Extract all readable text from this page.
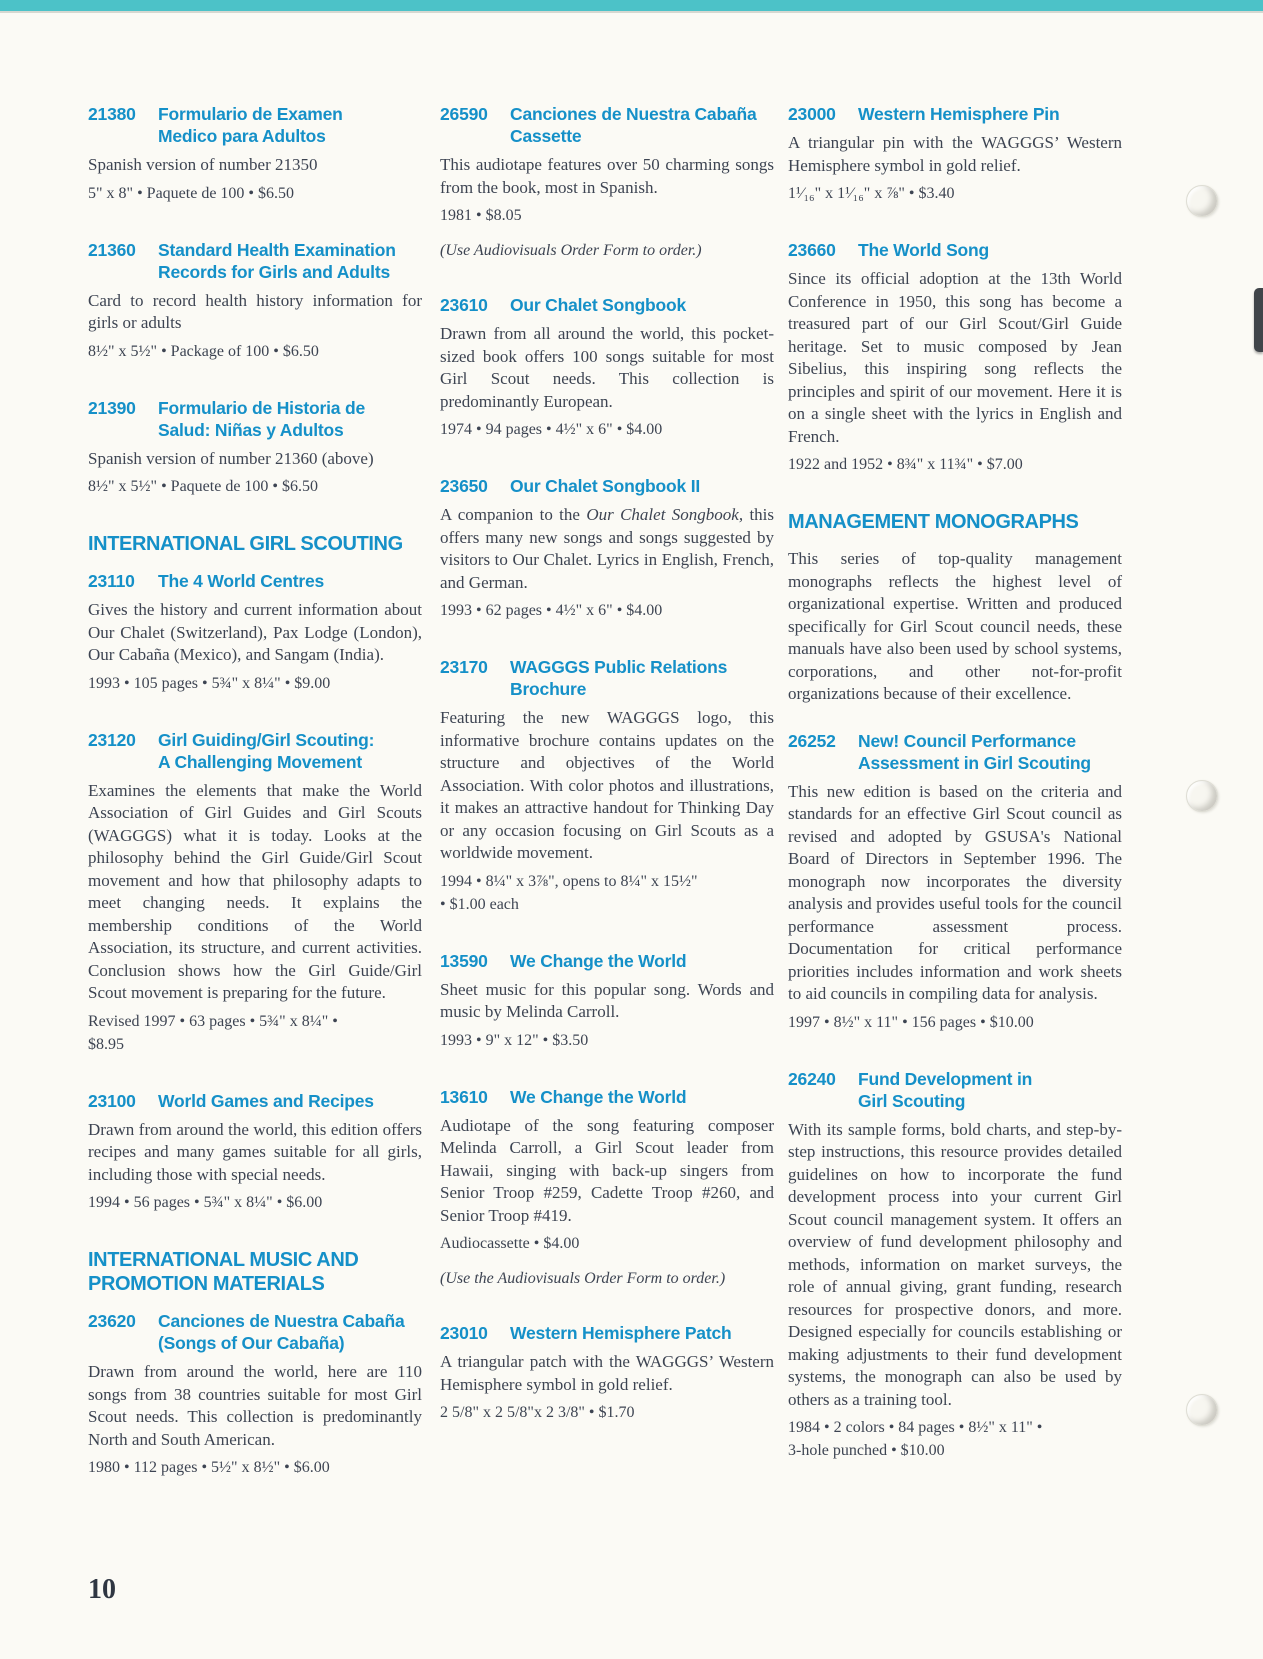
21380	Formulario de Examen
Medico para Adultos

Spanish version of number 21350

5" x 8" • Paquete de 100 • $6.50
21360	Standard Health Examination
Records for Girls and Adults

Card to record health history information for girls or adults

8½" x 5½" • Package of 100 • $6.50
21390	Formulario de Historia de
Salud: Niñas y Adultos

Spanish version of number 21360 (above)

8½" x 5½" • Paquete de 100 • $6.50
INTERNATIONAL GIRL SCOUTING
23110	The 4 World Centres

Gives the history and current information about Our Chalet (Switzerland), Pax Lodge (London), Our Cabaña (Mexico), and Sangam (India).

1993 • 105 pages • 5¾" x 8¼" • $9.00
23120	Girl Guiding/Girl Scouting:
A Challenging Movement

Examines the elements that make the World Association of Girl Guides and Girl Scouts (WAGGGS) what it is today. Looks at the philosophy behind the Girl Guide/Girl Scout movement and how that philosophy adapts to meet changing needs. It explains the membership conditions of the World Association, its structure, and current activities. Conclusion shows how the Girl Guide/Girl Scout movement is preparing for the future.

Revised 1997 • 63 pages • 5¾" x 8¼" •
$8.95
23100	World Games and Recipes

Drawn from around the world, this edition offers recipes and many games suitable for all girls, including those with special needs.

1994 • 56 pages • 5¾" x 8¼" • $6.00
INTERNATIONAL MUSIC AND
PROMOTION MATERIALS
23620	Canciones de Nuestra Cabaña
(Songs of Our Cabaña)

Drawn from around the world, here are 110 songs from 38 countries suitable for most Girl Scout needs. This collection is predominantly North and South American.

1980 • 112 pages • 5½" x 8½" • $6.00
26590	Canciones de Nuestra Cabaña
Cassette

This audiotape features over 50 charming songs from the book, most in Spanish.

1981 • $8.05
(Use Audiovisuals Order Form to order.)
23610	Our Chalet Songbook

Drawn from all around the world, this pocket-sized book offers 100 songs suitable for most Girl Scout needs. This collection is predominantly European.

1974 • 94 pages • 4½" x 6" • $4.00
23650	Our Chalet Songbook II

A companion to the Our Chalet Songbook, this offers many new songs and songs suggested by visitors to Our Chalet. Lyrics in English, French, and German.

1993 • 62 pages • 4½" x 6" • $4.00
23170	WAGGGS Public Relations
Brochure

Featuring the new WAGGGS logo, this informative brochure contains updates on the structure and objectives of the World Association. With color photos and illustrations, it makes an attractive handout for Thinking Day or any occasion focusing on Girl Scouts as a worldwide movement.

1994 • 8¼" x 3⅞", opens to 8¼" x 15½"
• $1.00 each
13590	We Change the World

Sheet music for this popular song. Words and music by Melinda Carroll.

1993 • 9" x 12" • $3.50
13610	We Change the World

Audiotape of the song featuring composer Melinda Carroll, a Girl Scout leader from Hawaii, singing with back-up singers from Senior Troop #259, Cadette Troop #260, and Senior Troop #419.

Audiocassette • $4.00
(Use the Audiovisuals Order Form to order.)
23010	Western Hemisphere Patch

A triangular patch with the WAGGGS’ Western Hemisphere symbol in gold relief.

2 5/8" x 2 5/8"x 2 3/8" • $1.70
23000	Western Hemisphere Pin

A triangular pin with the WAGGGS’ Western Hemisphere symbol in gold relief.

1¹⁄₁₆" x 1¹⁄₁₆" x ⅞" • $3.40
23660	The World Song

Since its official adoption at the 13th World Conference in 1950, this song has become a treasured part of our Girl Scout/Girl Guide heritage. Set to music composed by Jean Sibelius, this inspiring song reflects the principles and spirit of our movement. Here it is on a single sheet with the lyrics in English and French.

1922 and 1952 • 8¾" x 11¾" • $7.00
MANAGEMENT MONOGRAPHS

This series of top-quality management monographs reflects the highest level of organizational expertise. Written and produced specifically for Girl Scout council needs, these manuals have also been used by school systems, corporations, and other not-for-profit organizations because of their excellence.

26252	New! Council Performance
Assessment in Girl Scouting

This new edition is based on the criteria and standards for an effective Girl Scout council as revised and adopted by GSUSA's National Board of Directors in September 1996. The monograph now incorporates the diversity analysis and provides useful tools for the council performance assessment process. Documentation for critical performance priorities includes information and work sheets to aid councils in compiling data for analysis.

1997 • 8½" x 11" • 156 pages • $10.00
26240	Fund Development in
Girl Scouting

With its sample forms, bold charts, and step-by-step instructions, this resource provides detailed guidelines on how to incorporate the fund development process into your current Girl Scout council management system. It offers an overview of fund development philosophy and methods, information on market surveys, the role of annual giving, grant funding, research resources for prospective donors, and more. Designed especially for councils establishing or making adjustments to their fund development systems, the monograph can also be used by others as a training tool.

1984 • 2 colors • 84 pages • 8½" x 11" •
3-hole punched • $10.00
10
